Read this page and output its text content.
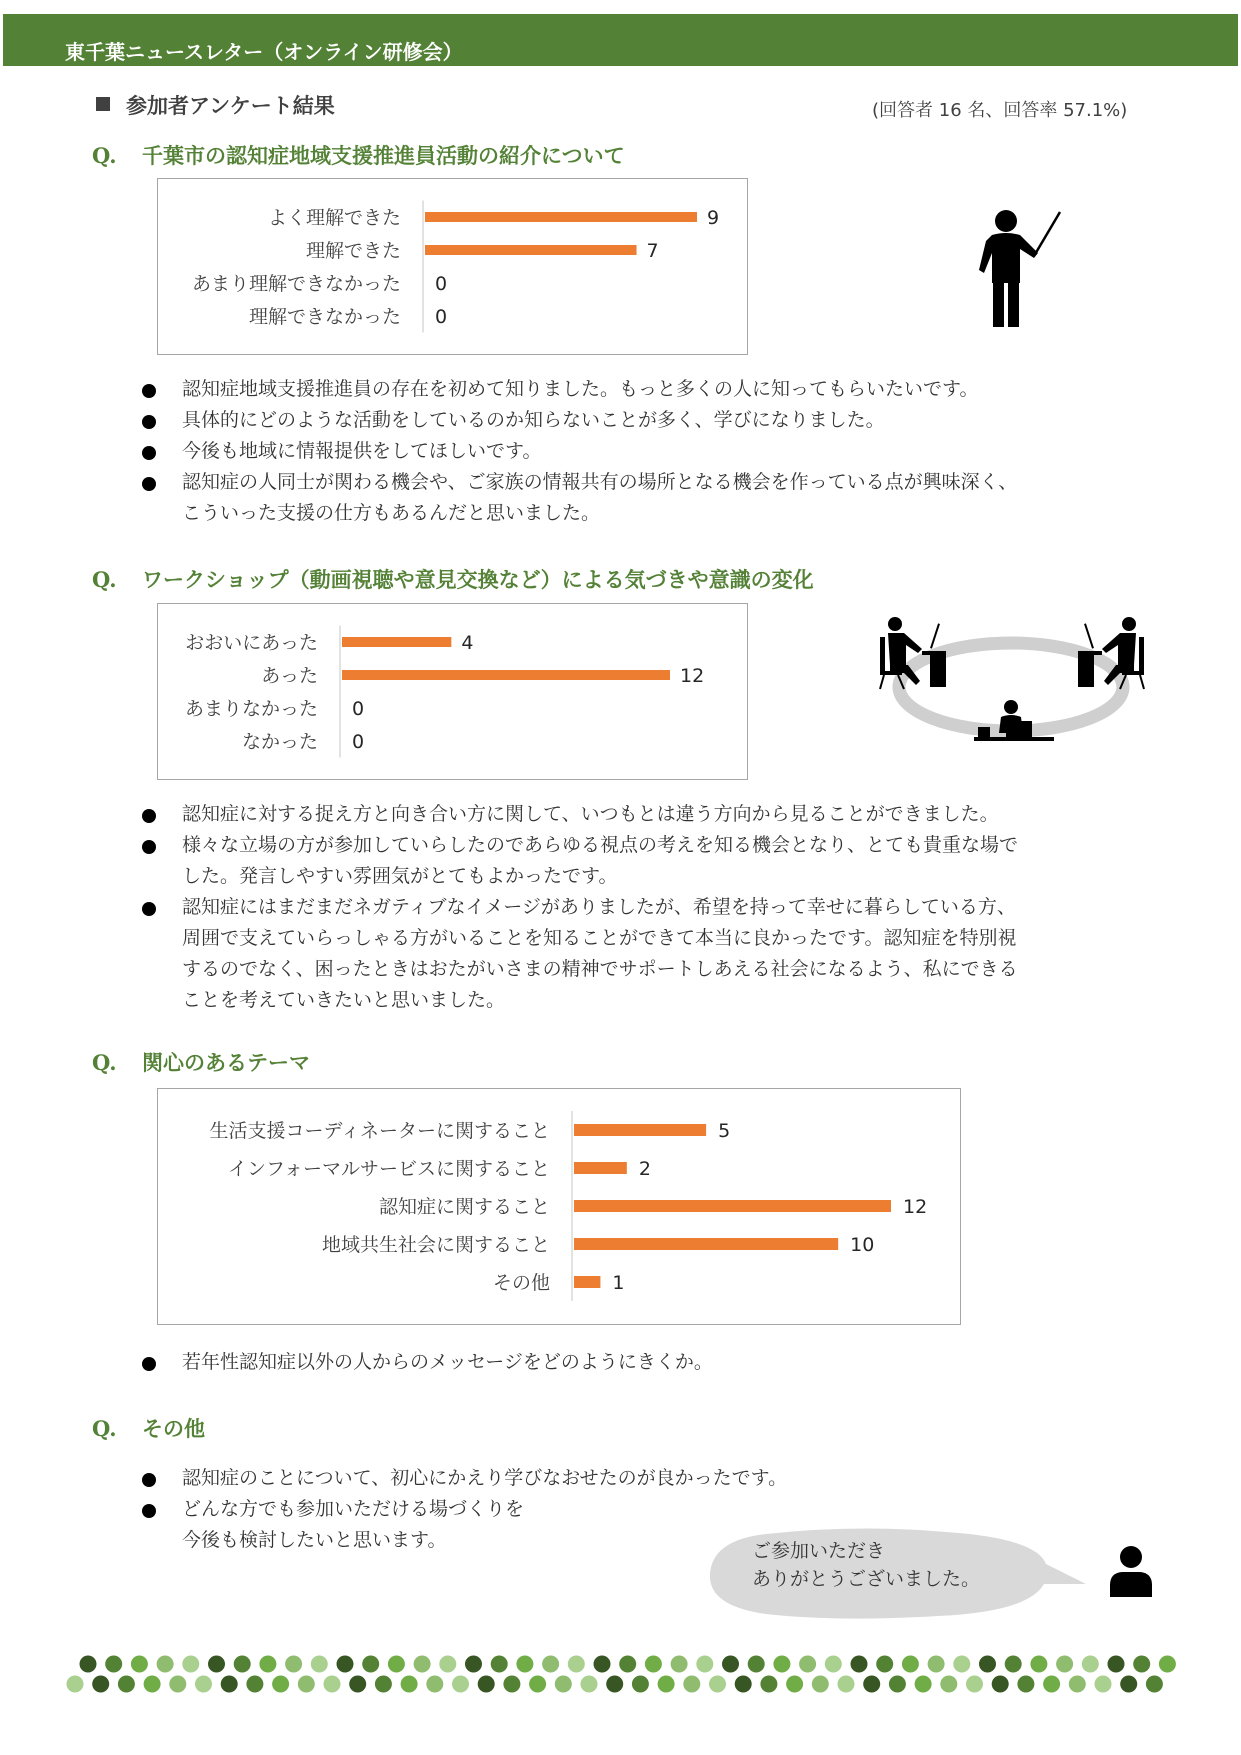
東千葉ニュースレター（オンライン研修会）
参加者アンケート結果	(回答者 16 名、回答率 57.1%)
Q. 千葉市の認知症地域支援推進員活動の紹介について
よく理解できた	9
理解できた	7
あまり理解できなかった 0
理解できなかった 0
認知症地域支援推進員の存在を初めて知りました。もっと多くの人に知ってもらいたいです。
具体的にどのような活動をしているのか知らないことが多く、学びになりました。
今後も地域に情報提供をしてほしいです。
認知症の人同士が関わる機会や、ご家族の情報共有の場所となる機会を作っている点が興味深く、
こういった支援の仕方もあるんだと思いました。
Q. ワークショップ（動画視聴や意見交換など）による気づきや意識の変化
おおいにあった	4
あった	12
あまりなかった 0
なかった 0
認知症に対する捉え方と向き合い方に関して、いつもとは違う方向から見ることができました。
様々な立場の方が参加していらしたのであらゆる視点の考えを知る機会となり、とても貴重な場で
した。発言しやすい雰囲気がとてもよかったです。
認知症にはまだまだネガティブなイメージがありましたが、希望を持って幸せに暮らしている方、
周囲で支えていらっしゃる方がいることを知ることができて本当に良かったです。認知症を特別視
するのでなく、困ったときはおたがいさまの精神でサポートしあえる社会になるよう、私にできる
ことを考えていきたいと思いました。
Q. 関心のあるテーマ
生活支援コーディネーターに関すること	5
インフォーマルサービスに関すること	2
認知症に関すること	12
地域共生社会に関すること	10
その他	1
若年性認知症以外の人からのメッセージをどのようにきくか。
Q. その他
認知症のことについて、初心にかえり学びなおせたのが良かったです。
どんな方でも参加いただける場づくりを
今後も検討したいと思います。	ご参加いただき
ありがとうございました。
